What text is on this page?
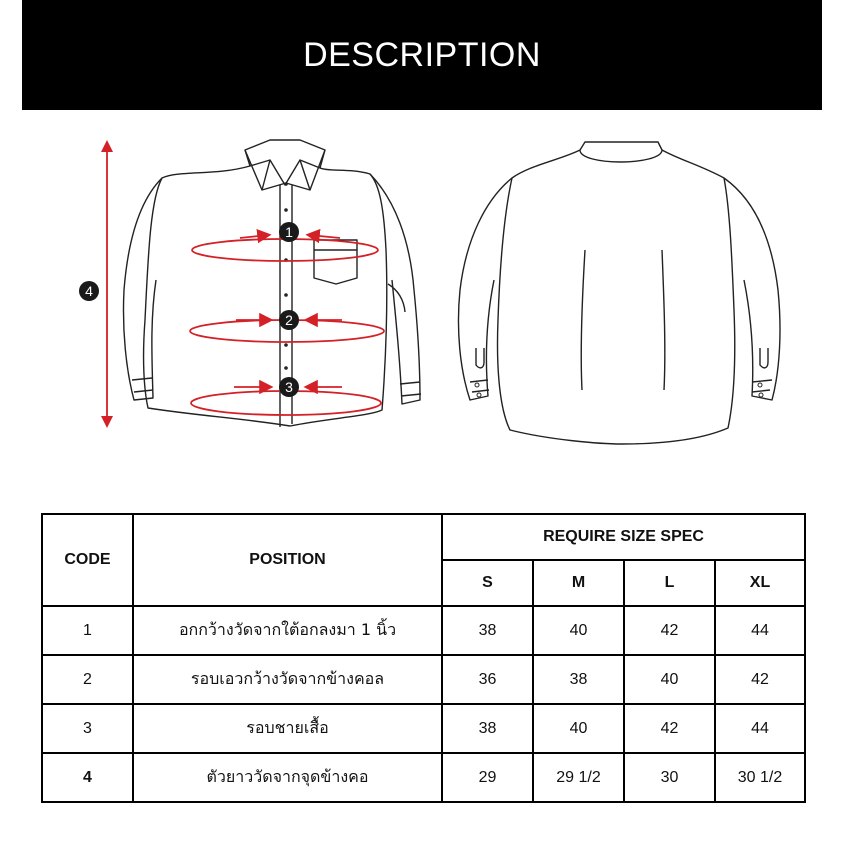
DESCRIPTION
1
2
3
4
CODE	POSITION	REQUIRE SIZE SPEC			
		S	M	L	XL
1	อกกว้างวัดจากใต้อกลงมา 1 นิ้ว	38	40	42	44
2	รอบเอวกว้างวัดจากข้างคอล	36	38	40	42
3	รอบชายเสื้อ	38	40	42	44
4	ตัวยาววัดจากจุดข้างคอ	29	29 1/2	30	30 1/2
